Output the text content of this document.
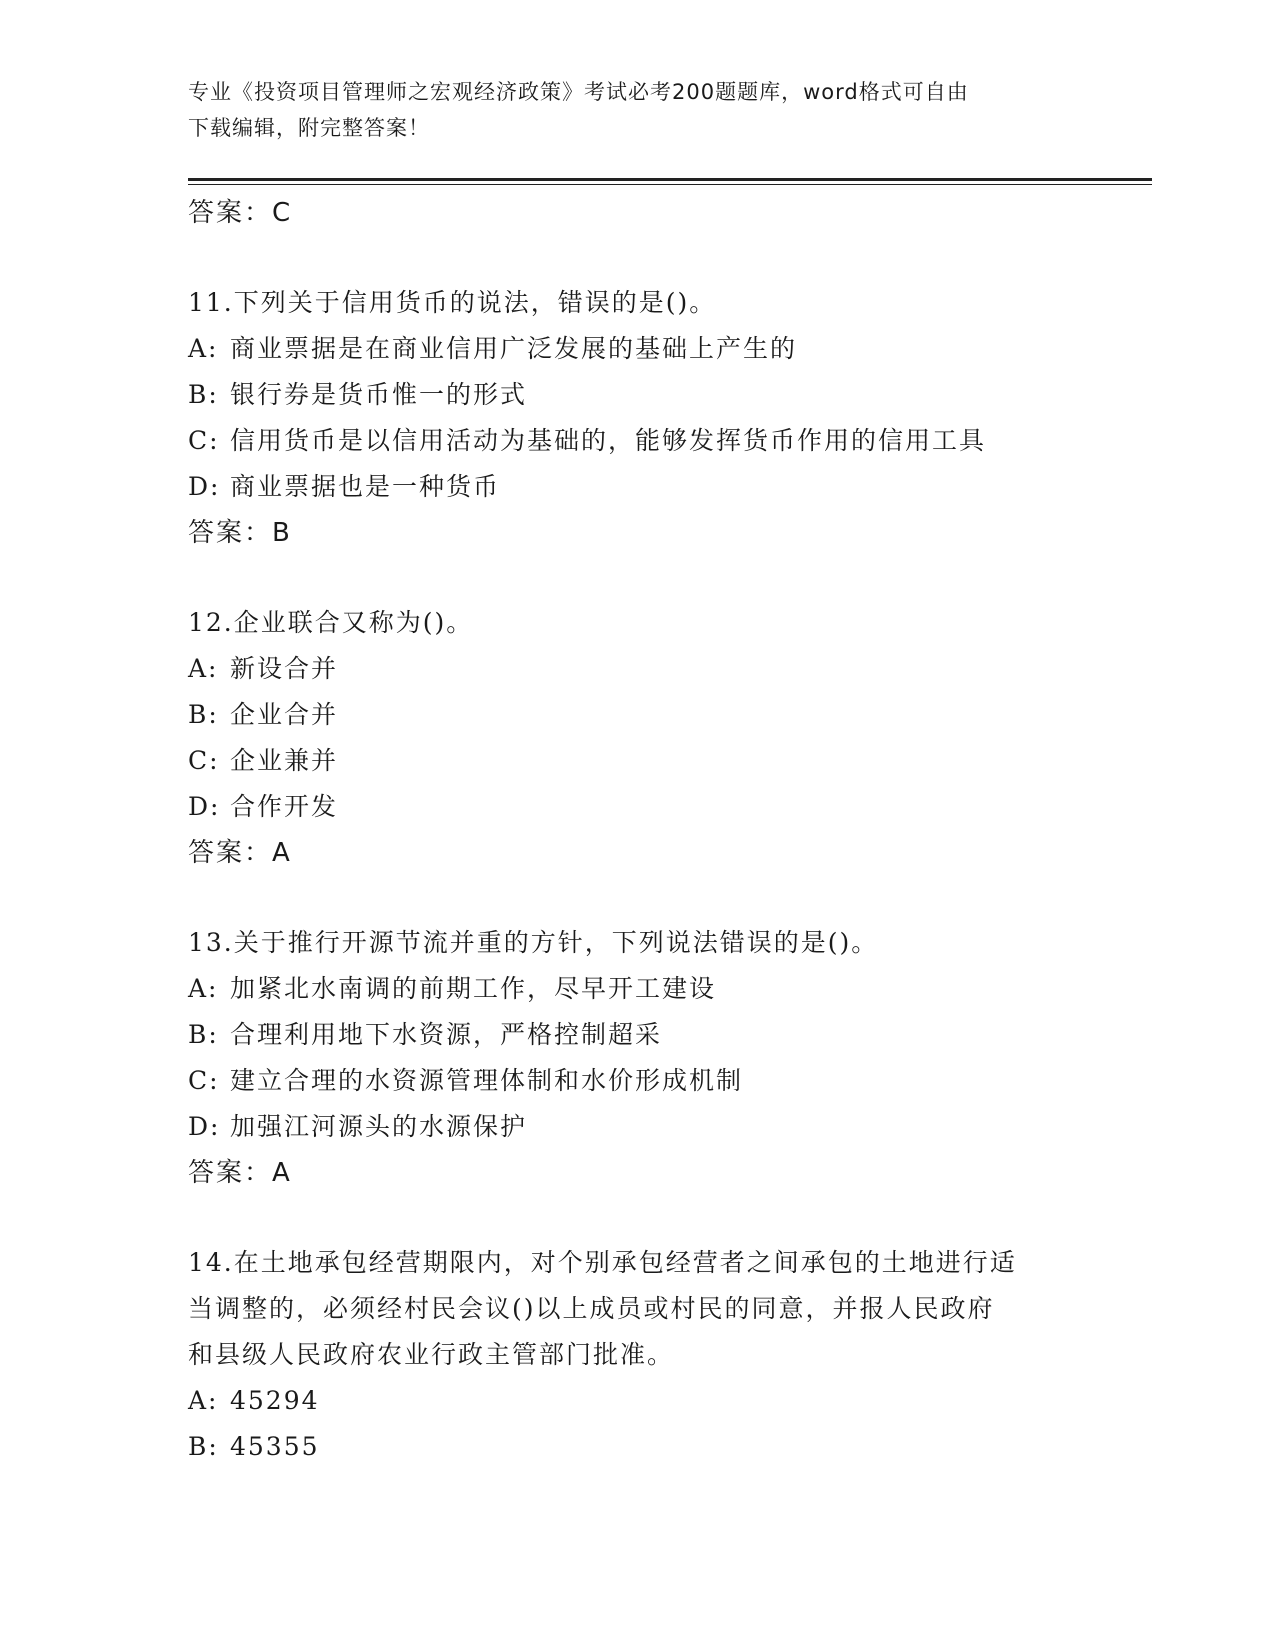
专业《投资项目管理师之宏观经济政策》考试必考200题题库，word格式可自由
下载编辑，附完整答案！
答案：C
11.下列关于信用货币的说法，错误的是()。
A: 商业票据是在商业信用广泛发展的基础上产生的
B: 银行券是货币惟一的形式
C: 信用货币是以信用活动为基础的，能够发挥货币作用的信用工具
D: 商业票据也是一种货币
答案：B
12.企业联合又称为()。
A: 新设合并
B: 企业合并
C: 企业兼并
D: 合作开发
答案：A
13.关于推行开源节流并重的方针，下列说法错误的是()。
A: 加紧北水南调的前期工作，尽早开工建设
B: 合理利用地下水资源，严格控制超采
C: 建立合理的水资源管理体制和水价形成机制
D: 加强江河源头的水源保护
答案：A
14.在土地承包经营期限内，对个别承包经营者之间承包的土地进行适
当调整的，必须经村民会议()以上成员或村民的同意，并报人民政府
和县级人民政府农业行政主管部门批准。
A: 45294
B: 45355
